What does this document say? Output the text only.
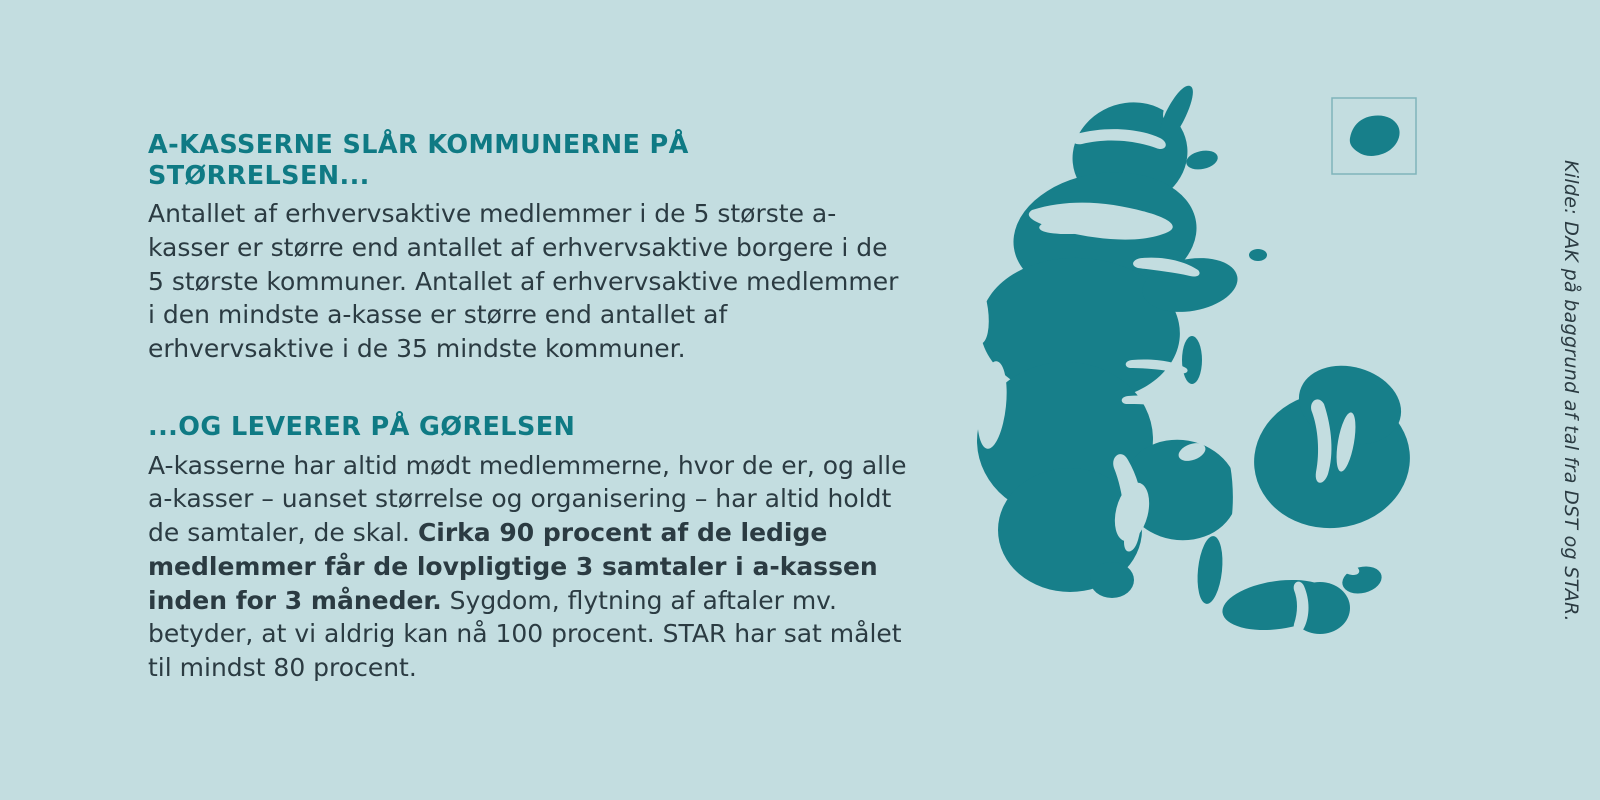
A-KASSERNE SLÅR KOMMUNERNE PÅ STØRRELSEN...

Antallet af erhvervsaktive medlemmer i de 5 største a-kasser er større end antallet af erhvervsaktive borgere i de 5 største kommuner. Antallet af erhvervsaktive medlemmer i den mindste a-kasse er større end antallet af erhvervsaktive i de 35 mindste kommuner.

...OG LEVERER PÅ GØRELSEN

A-kasserne har altid mødt medlemmerne, hvor de er, og alle a-kasser – uanset størrelse og organisering – har altid holdt de samtaler, de skal. Cirka 90 procent af de ledige medlemmer får de lovpligtige 3 samtaler i a-kassen inden for 3 måneder. Sygdom, flytning af aftaler mv. betyder, at vi aldrig kan nå 100 procent. STAR har sat målet til mindst 80 procent.

Kilde: DAK på baggrund af tal fra DST og STAR.
